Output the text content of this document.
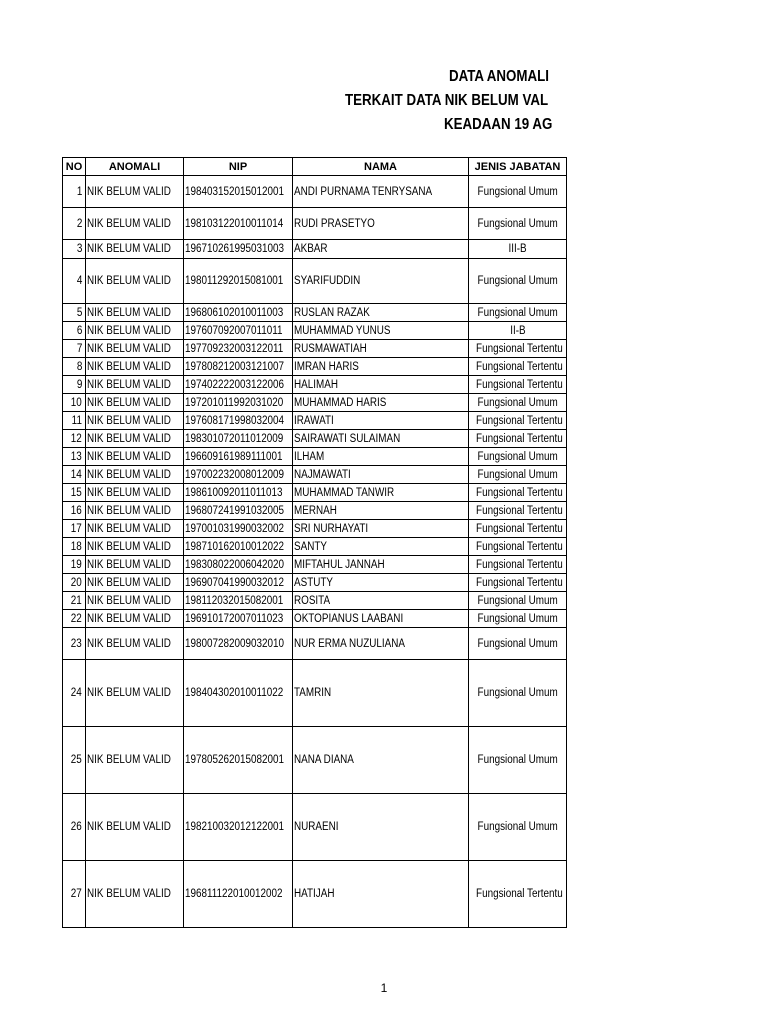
DATA ANOMALI
TERKAIT DATA NIK BELUM VAL
KEADAAN 19 AG
NO	ANOMALI	NIP	NAMA	JENIS JABATAN
1	NIK BELUM VALID	198403152015012001	ANDI PURNAMA TENRYSANA	Fungsional Umum
2	NIK BELUM VALID	198103122010011014	RUDI PRASETYO	Fungsional Umum
3	NIK BELUM VALID	196710261995031003	AKBAR	III-B
4	NIK BELUM VALID	198011292015081001	SYARIFUDDIN	Fungsional Umum
5	NIK BELUM VALID	196806102010011003	RUSLAN RAZAK	Fungsional Umum
6	NIK BELUM VALID	197607092007011011	MUHAMMAD YUNUS	II-B
7	NIK BELUM VALID	197709232003122011	RUSMAWATIAH	Fungsional Tertentu
8	NIK BELUM VALID	197808212003121007	IMRAN HARIS	Fungsional Tertentu
9	NIK BELUM VALID	197402222003122006	HALIMAH	Fungsional Tertentu
10	NIK BELUM VALID	197201011992031020	MUHAMMAD HARIS	Fungsional Umum
11	NIK BELUM VALID	197608171998032004	IRAWATI	Fungsional Tertentu
12	NIK BELUM VALID	198301072011012009	SAIRAWATI SULAIMAN	Fungsional Tertentu
13	NIK BELUM VALID	196609161989111001	ILHAM	Fungsional Umum
14	NIK BELUM VALID	197002232008012009	NAJMAWATI	Fungsional Umum
15	NIK BELUM VALID	198610092011011013	MUHAMMAD TANWIR	Fungsional Tertentu
16	NIK BELUM VALID	196807241991032005	MERNAH	Fungsional Tertentu
17	NIK BELUM VALID	197001031990032002	SRI NURHAYATI	Fungsional Tertentu
18	NIK BELUM VALID	198710162010012022	SANTY	Fungsional Tertentu
19	NIK BELUM VALID	198308022006042020	MIFTAHUL JANNAH	Fungsional Tertentu
20	NIK BELUM VALID	196907041990032012	ASTUTY	Fungsional Tertentu
21	NIK BELUM VALID	198112032015082001	ROSITA	Fungsional Umum
22	NIK BELUM VALID	196910172007011023	OKTOPIANUS LAABANI	Fungsional Umum
23	NIK BELUM VALID	198007282009032010	NUR ERMA NUZULIANA	Fungsional Umum
24	NIK BELUM VALID	198404302010011022	TAMRIN	Fungsional Umum
25	NIK BELUM VALID	197805262015082001	NANA DIANA	Fungsional Umum
26	NIK BELUM VALID	198210032012122001	NURAENI	Fungsional Umum
27	NIK BELUM VALID	196811122010012002	HATIJAH	Fungsional Tertentu
1
